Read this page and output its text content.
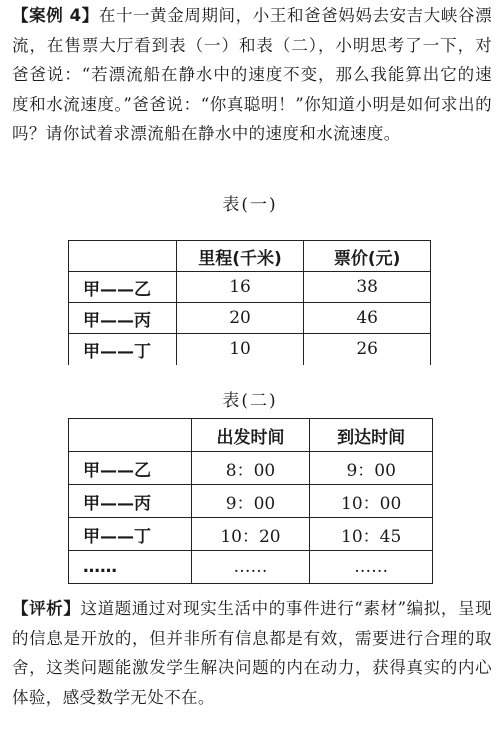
【案例 4】在十一黄金周期间，小王和爸爸妈妈去安吉大峡谷漂流，在售票大厅看到表（一）和表（二），小明思考了一下，对爸爸说：“若漂流船在静水中的速度不变，那么我能算出它的速度和水流速度。”爸爸说：“你真聪明！”你知道小明是如何求出的吗？请你试着求漂流船在静水中的速度和水流速度。

表(一)
	里程(千米)	票价(元)
甲——乙	16	38
甲——丙	20	46
甲——丁	10	26
表(二)
	出发时间	到达时间
甲——乙	8：00	9：00
甲——丙	9：00	10：00
甲——丁	10：20	10：45
……	……	……

【评析】这道题通过对现实生活中的事件进行“素材”编拟，呈现的信息是开放的，但并非所有信息都是有效，需要进行合理的取舍，这类问题能激发学生解决问题的内在动力，获得真实的内心体验，感受数学无处不在。
